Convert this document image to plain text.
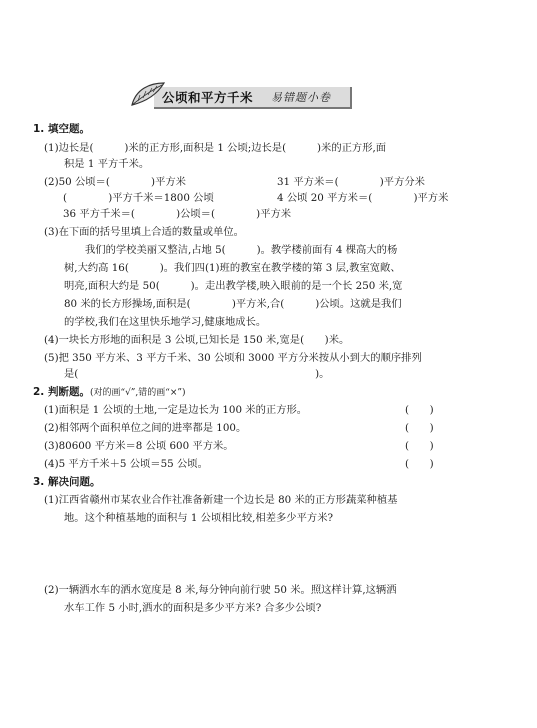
公顷和平方千米 易错题小卷
1. 填空题。
(1)边长是(　　　)米的正方形,面积是 1 公顷;边长是(　　　)米的正方形,面
积是 1 平方千米。
(2)50 公顷＝(　　　　)平方米	31 平方米＝(　　　　)平方分米
(　　　　)平方千米＝1800 公顷	4 公顷 20 平方米＝(　　　　)平方米
36 平方千米＝(　　　　)公顷＝(　　　　)平方米
(3)在下面的括号里填上合适的数量或单位。
我们的学校美丽又整洁,占地 5(　　　)。教学楼前面有 4 棵高大的杨
树,大约高 16(　　　)。我们四(1)班的教室在教学楼的第 3 层,教室宽敞、
明亮,面积大约是 50(　　　)。走出教学楼,映入眼前的是一个长 250 米,宽
80 米的长方形操场,面积是(　　　　)平方米,合(　　　)公顷。这就是我们
的学校,我们在这里快乐地学习,健康地成长。
(4)一块长方形地的面积是 3 公顷,已知长是 150 米,宽是(　　)米。
(5)把 350 平方米、3 平方千米、30 公顷和 3000 平方分米按从小到大的顺序排列
是(　　　　　　　　　　　　　　　　　　　　　　　)。
2. 判断题。(对的画“√”,错的画“×”)
(1)面积是 1 公顷的土地,一定是边长为 100 米的正方形。	(　　)
(2)相邻两个面积单位之间的进率都是 100。	(　　)
(3)80600 平方米＝8 公顷 600 平方米。	(　　)
(4)5 平方千米＋5 公顷＝55 公顷。	(　　)
3. 解决问题。
(1)江西省赣州市某农业合作社准备新建一个边长是 80 米的正方形蔬菜种植基
地。这个种植基地的面积与 1 公顷相比较,相差多少平方米?
(2)一辆洒水车的洒水宽度是 8 米,每分钟向前行驶 50 米。照这样计算,这辆洒
水车工作 5 小时,洒水的面积是多少平方米? 合多少公顷?
